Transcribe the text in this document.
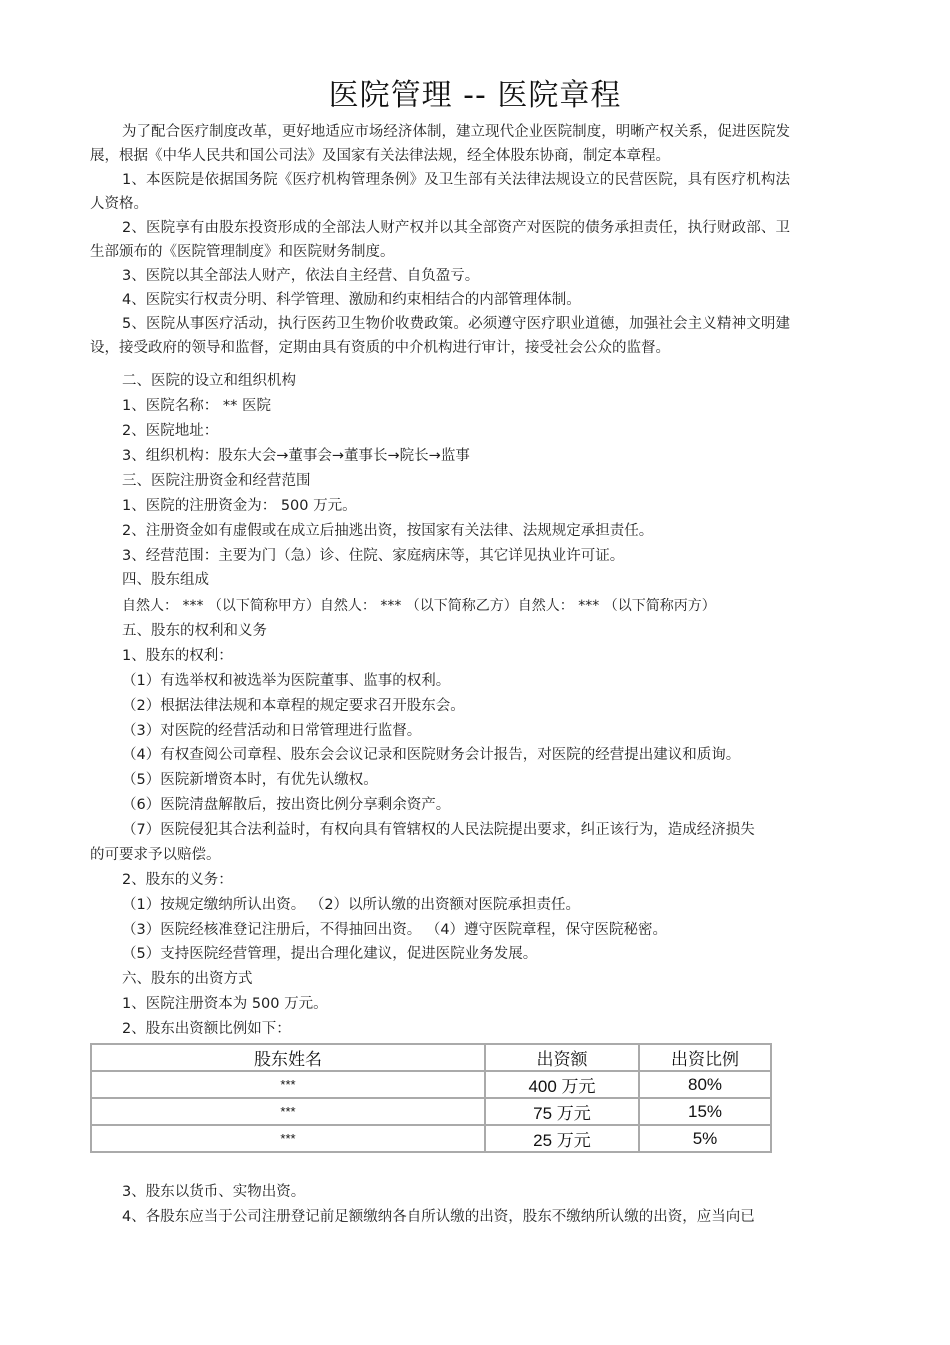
医院管理 -- 医院章程

为了配合医疗制度改革，更好地适应市场经济体制，建立现代企业医院制度，明晰产权关系，促进医院发展，根据《中华人民共和国公司法》及国家有关法律法规，经全体股东协商，制定本章程。

1、本医院是依据国务院《医疗机构管理条例》及卫生部有关法律法规设立的民营医院，具有医疗机构法人资格。

2、医院享有由股东投资形成的全部法人财产权并以其全部资产对医院的债务承担责任，执行财政部、卫生部颁布的《医院管理制度》和医院财务制度。

3、医院以其全部法人财产，依法自主经营、自负盈亏。

4、医院实行权责分明、科学管理、激励和约束相结合的内部管理体制。

5、医院从事医疗活动，执行医药卫生物价收费政策。必须遵守医疗职业道德，加强社会主义精神文明建设，接受政府的领导和监督，定期由具有资质的中介机构进行审计，接受社会公众的监督。

二、医院的设立和组织机构
1、医院名称： ** 医院
2、医院地址：
3、组织机构：股东大会→董事会→董事长→院长→监事
三、医院注册资金和经营范围
1、医院的注册资金为： 500 万元。
2、注册资金如有虚假或在成立后抽逃出资，按国家有关法律、法规规定承担责任。
3、经营范围：主要为门（急）诊、住院、家庭病床等，其它详见执业许可证。
四、股东组成
自然人： *** （以下简称甲方）自然人： *** （以下简称乙方）自然人： *** （以下简称丙方）
五、股东的权利和义务
1、股东的权利：
（1）有选举权和被选举为医院董事、监事的权利。
（2）根据法律法规和本章程的规定要求召开股东会。
（3）对医院的经营活动和日常管理进行监督。
（4）有权查阅公司章程、股东会会议记录和医院财务会计报告，对医院的经营提出建议和质询。
（5）医院新增资本时，有优先认缴权。
（6）医院清盘解散后，按出资比例分享剩余资产。
（7）医院侵犯其合法利益时，有权向具有管辖权的人民法院提出要求，纠正该行为，造成经济损失
的可要求予以赔偿。
2、股东的义务：
（1）按规定缴纳所认出资。 （2）以所认缴的出资额对医院承担责任。
（3）医院经核准登记注册后，不得抽回出资。 （4）遵守医院章程，保守医院秘密。
（5）支持医院经营管理，提出合理化建议，促进医院业务发展。
六、股东的出资方式
1、医院注册资本为 500 万元。
2、股东出资额比例如下：
股东姓名	出资额	出资比例
***	400 万元	80%
***	75 万元	15%
***	25 万元	5%
3、股东以货币、实物出资。
4、各股东应当于公司注册登记前足额缴纳各自所认缴的出资，股东不缴纳所认缴的出资，应当向已
